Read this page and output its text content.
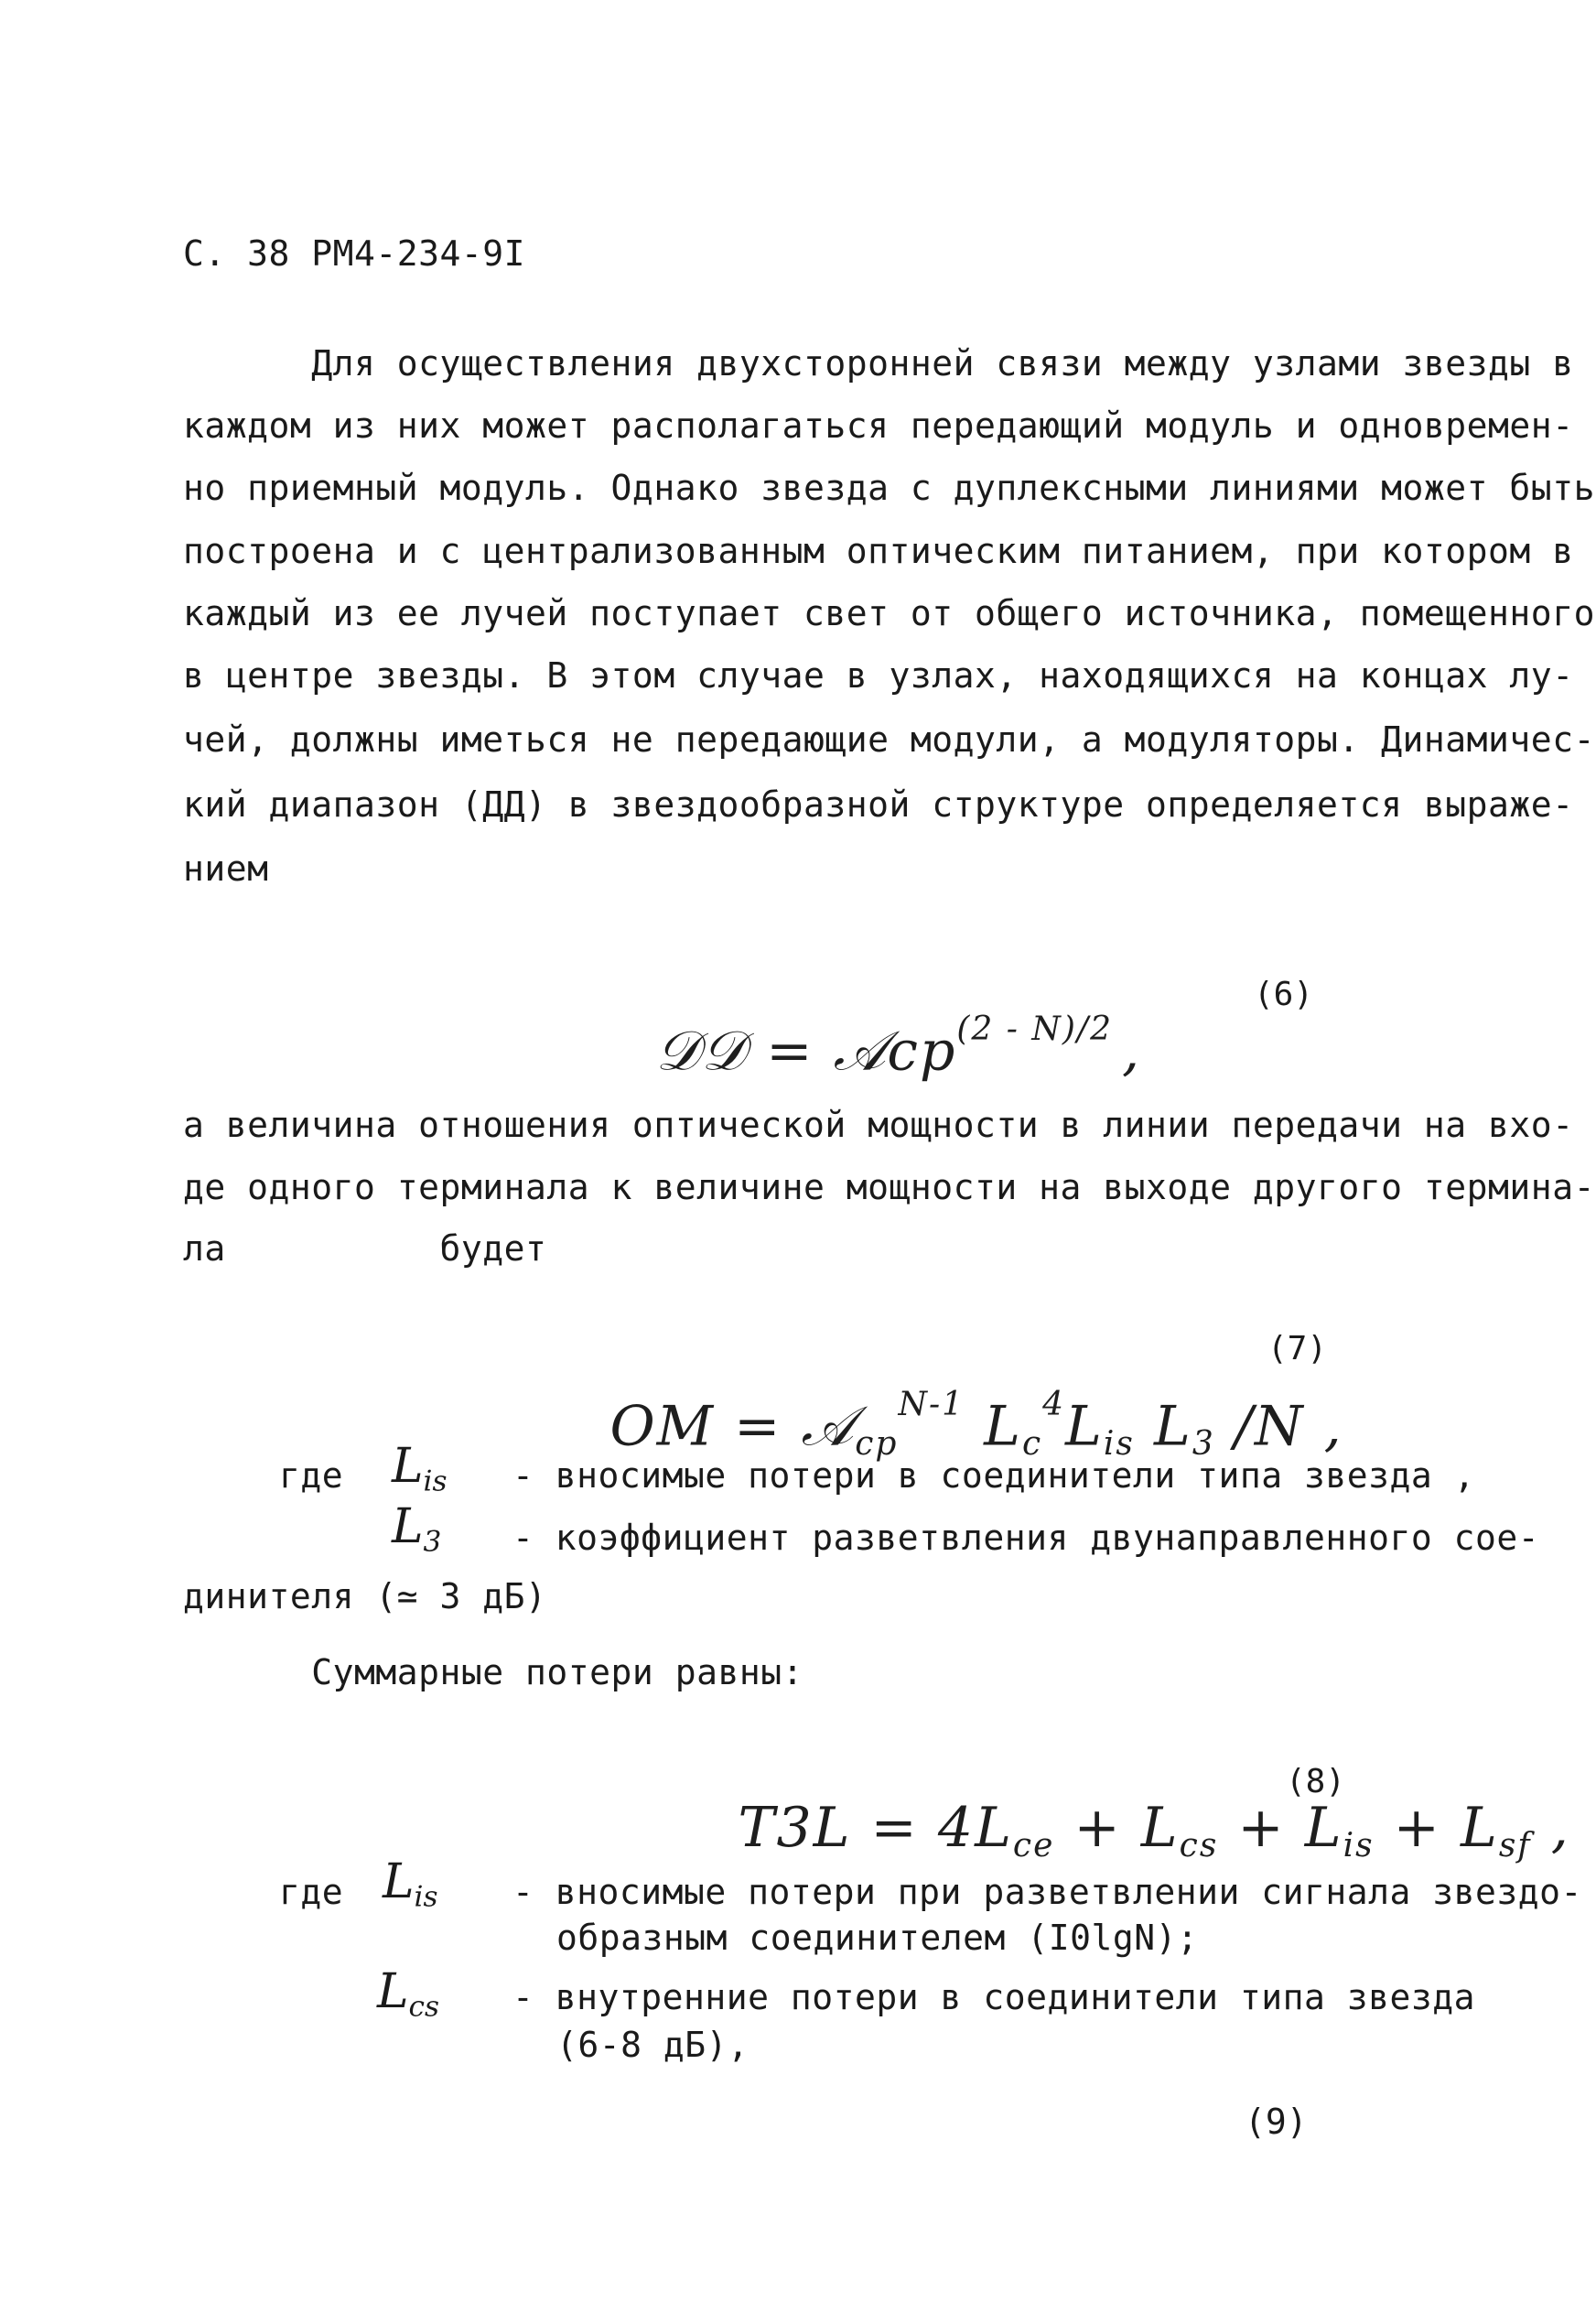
С. 38 РМ4-234-9I
Для осуществления двухсторонней связи между узлами звезды в
каждом из них может располагаться передающий модуль и одновремен-
но приемный модуль. Однако звезда с дуплексными линиями может быть
построена и с централизованным оптическим питанием, при котором в
каждый из ее лучей поступает свет от общего источника, помещенного
в центре звезды. В этом случае в узлах, находящихся на концах лу-
чей, должны иметься не передающие модули, а модуляторы. Динамичес-
кий диапазон (ДД) в звездообразной структуре определяется выраже-
нием

𝒟𝒟 = 𝒜cp$^{(2 - N)/2}$ ,

(6)
а величина отношения оптической мощности в линии передачи на вхо-
де одного терминала к величине мощности на выходе другого термина-
ла          будет

OM = 𝒜$_{cp}^{N-1}$ $L_c^4L_{is}$ $L_3$ /N ,

(7)
где $L_{is}$ - вносимые потери в соединители типа звезда ,
$L_3$ - коэффициент разветвления двунаправленного сое-
динителя (≃ 3 дБ)
Суммарные потери равны:

$T3L = 4L_{ce} + L_{cs} + L_{is} + L_{sf}$ ,

(8)
где $L_{is}$ - вносимые потери при разветвлении сигнала звездо-
образным соединителем (I0lgN);
$L_{cs}$ - внутренние потери в соединители типа звезда
(6-8 дБ),
(9)
